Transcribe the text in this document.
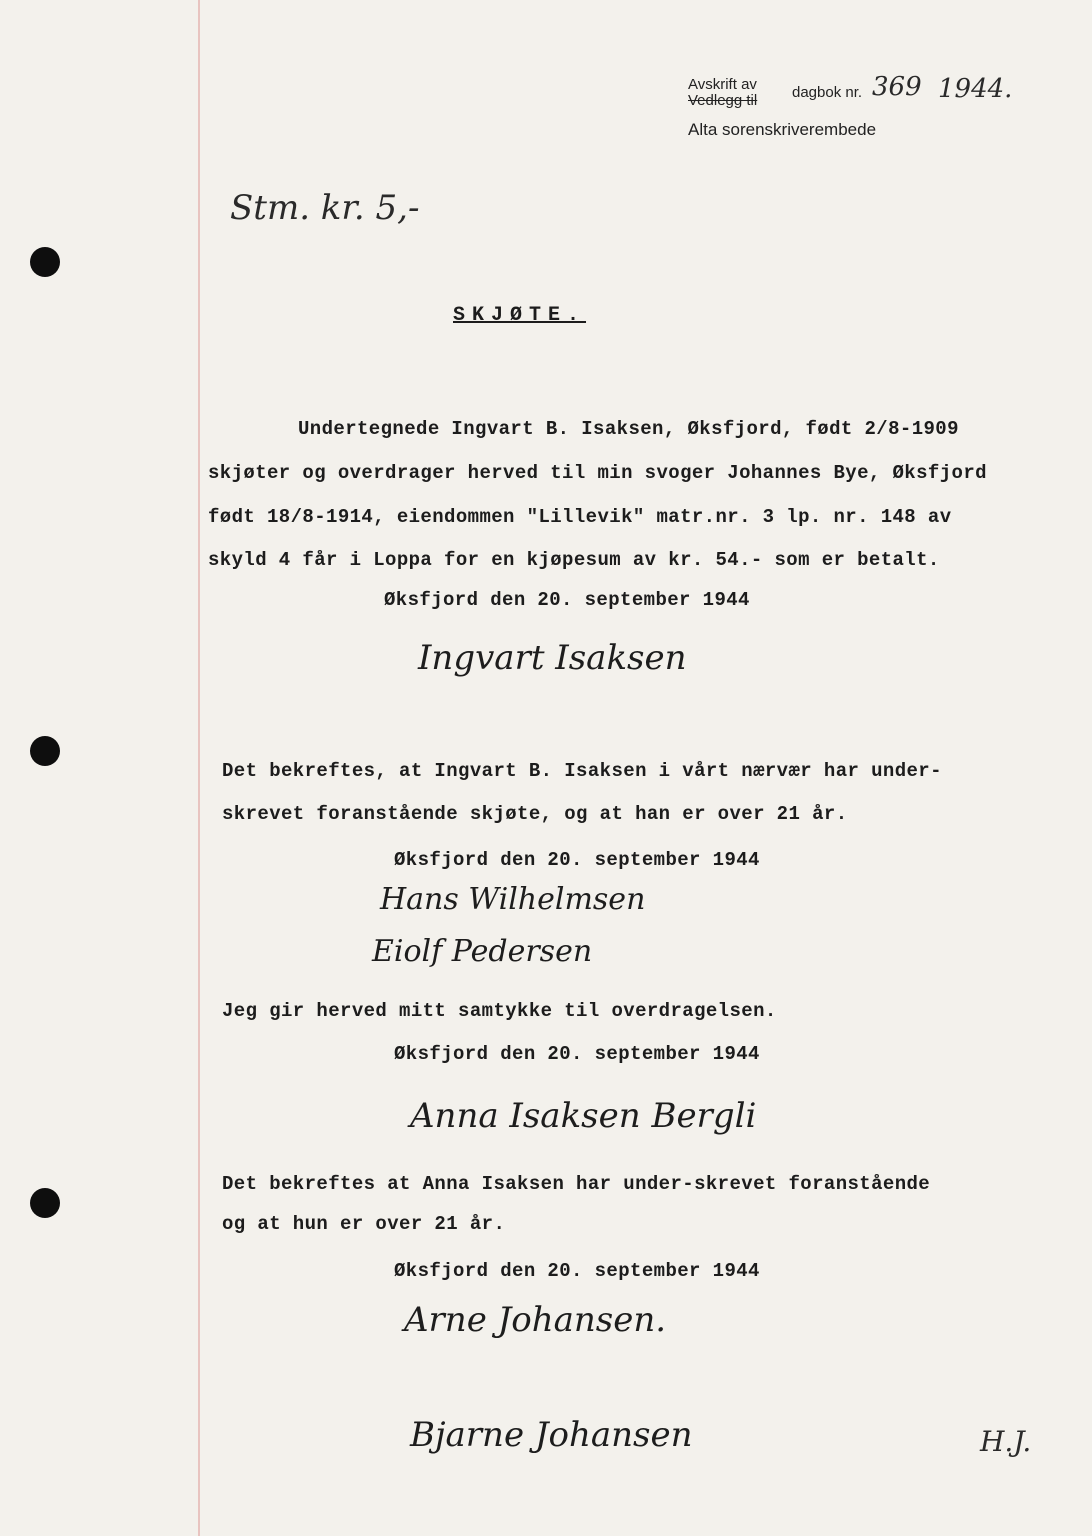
Avskrift av
Vedlegg til dagbok nr. 369 1944.
Alta sorenskriverembede
Stm. kr. 5,-
SKJØTE.
Undertegnede Ingvart B. Isaksen, Øksfjord, født 2/8-1909
skjøter og overdrager herved til min svoger Johannes Bye, Øksfjord
født 18/8-1914, eiendommen "Lillevik" matr.nr. 3 lp. nr. 148 av
skyld 4 får i Loppa for en kjøpesum av kr. 54.- som er betalt.
Øksfjord den 20. september 1944
Ingvart Isaksen
Det bekreftes, at Ingvart B. Isaksen i vårt nærvær har under-
skrevet foranstående skjøte, og at han er over 21 år.
Øksfjord den 20. september 1944
Hans Wilhelmsen
Eiolf Pedersen
Jeg gir herved mitt samtykke til overdragelsen.
Øksfjord den 20. september 1944
Anna Isaksen Bergli
Det bekreftes at Anna Isaksen har under-skrevet foranstående
og at hun er over 21 år.
Øksfjord den 20. september 1944
Arne Johansen.
Bjarne Johansen	H.J.
